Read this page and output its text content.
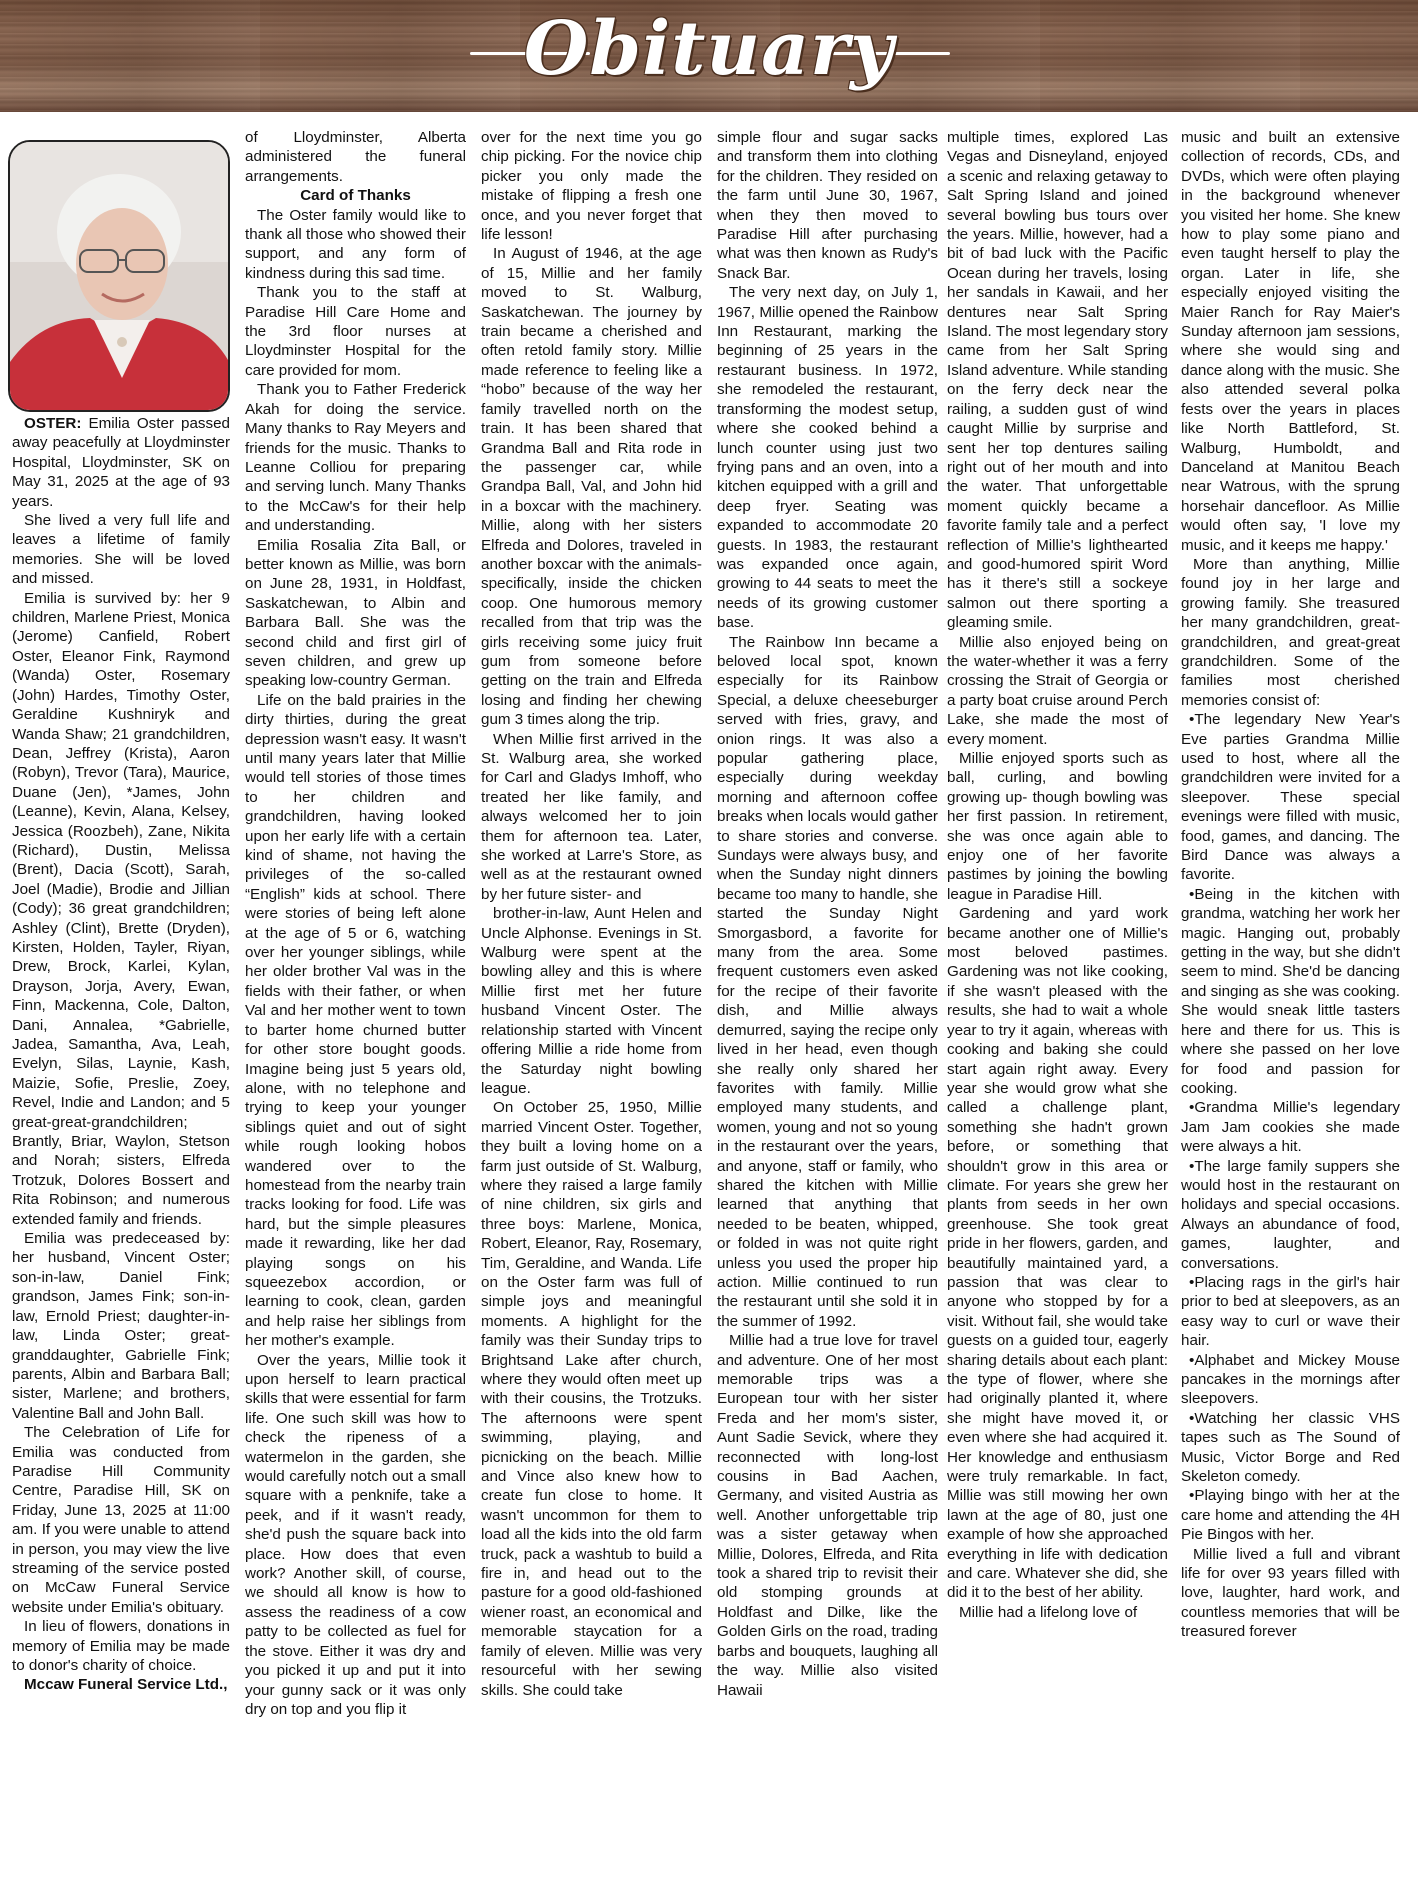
Obituary

OSTER: Emilia Oster passed away peacefully at Lloydminster Hospital, Lloydminster, SK on May 31, 2025 at the age of 93 years.

She lived a very full life and leaves a lifetime of family memories. She will be loved and missed.

Emilia is survived by: her 9 children, Marlene Priest, Monica (Jerome) Canfield, Robert Oster, Eleanor Fink, Raymond (Wanda) Oster, Rosemary (John) Hardes, Timothy Oster, Geraldine Kushniryk and Wanda Shaw; 21 grandchildren, Dean, Jeffrey (Krista), Aaron (Robyn), Trevor (Tara), Maurice, Duane (Jen), *James, John (Leanne), Kevin, Alana, Kelsey, Jessica (Roozbeh), Zane, Nikita (Richard), Dustin, Melissa (Brent), Dacia (Scott), Sarah, Joel (Madie), Brodie and Jillian (Cody); 36 great grandchildren; Ashley (Clint), Brette (Dryden), Kirsten, Holden, Tayler, Riyan, Drew, Brock, Karlei, Kylan, Drayson, Jorja, Avery, Ewan, Finn, Mackenna, Cole, Dalton, Dani, Annalea, *Gabrielle, Jadea, Samantha, Ava, Leah, Evelyn, Silas, Laynie, Kash, Maizie, Sofie, Preslie, Zoey, Revel, Indie and Landon; and 5 great-great-grandchildren; Brantly, Briar, Waylon, Stetson and Norah; sisters, Elfreda Trotzuk, Dolores Bossert and Rita Robinson; and numerous extended family and friends.

Emilia was predeceased by: her husband, Vincent Oster; son-in-law, Daniel Fink; grandson, James Fink; son-in-law, Ernold Priest; daughter-in-law, Linda Oster; great-granddaughter, Gabrielle Fink; parents, Albin and Barbara Ball; sister, Marlene; and brothers, Valentine Ball and John Ball.

The Celebration of Life for Emilia was conducted from Paradise Hill Community Centre, Paradise Hill, SK on Friday, June 13, 2025 at 11:00 am. If you were unable to attend in person, you may view the live streaming of the service posted on McCaw Funeral Service website under Emilia's obituary.

In lieu of flowers, donations in memory of Emilia may be made to donor's charity of choice.

Mccaw Funeral Service Ltd.,

of Lloydminster, Alberta administered the funeral arrangements.

Card of Thanks

The Oster family would like to thank all those who showed their support, and any form of kindness during this sad time.

Thank you to the staff at Paradise Hill Care Home and the 3rd floor nurses at Lloydminster Hospital for the care provided for mom.

Thank you to Father Frederick Akah for doing the service. Many thanks to Ray Meyers and friends for the music. Thanks to Leanne Colliou for preparing and serving lunch. Many Thanks to the McCaw's for their help and understanding.

Emilia Rosalia Zita Ball, or better known as Millie, was born on June 28, 1931, in Holdfast, Saskatchewan, to Albin and Barbara Ball. She was the second child and first girl of seven children, and grew up speaking low-country German.

Life on the bald prairies in the dirty thirties, during the great depression wasn't easy. It wasn't until many years later that Millie would tell stories of those times to her children and grandchildren, having looked upon her early life with a certain kind of shame, not having the privileges of the so-called “English” kids at school. There were stories of being left alone at the age of 5 or 6, watching over her younger siblings, while her older brother Val was in the fields with their father, or when Val and her mother went to town to barter home churned butter for other store bought goods. Imagine being just 5 years old, alone, with no telephone and trying to keep your younger siblings quiet and out of sight while rough looking hobos wandered over to the homestead from the nearby train tracks looking for food. Life was hard, but the simple pleasures made it rewarding, like her dad playing songs on his squeezebox accordion, or learning to cook, clean, garden and help raise her siblings from her mother's example.

Over the years, Millie took it upon herself to learn practical skills that were essential for farm life. One such skill was how to check the ripeness of a watermelon in the garden, she would carefully notch out a small square with a penknife, take a peek, and if it wasn't ready, she'd push the square back into place. How does that even work? Another skill, of course, we should all know is how to assess the readiness of a cow patty to be collected as fuel for the stove. Either it was dry and you picked it up and put it into your gunny sack or it was only dry on top and you flip it

over for the next time you go chip picking. For the novice chip picker you only made the mistake of flipping a fresh one once, and you never forget that life lesson!

In August of 1946, at the age of 15, Millie and her family moved to St. Walburg, Saskatchewan. The journey by train became a cherished and often retold family story. Millie made reference to feeling like a “hobo” because of the way her family travelled north on the train. It has been shared that Grandma Ball and Rita rode in the passenger car, while Grandpa Ball, Val, and John hid in a boxcar with the machinery. Millie, along with her sisters Elfreda and Dolores, traveled in another boxcar with the animals-specifically, inside the chicken coop. One humorous memory recalled from that trip was the girls receiving some juicy fruit gum from someone before getting on the train and Elfreda losing and finding her chewing gum 3 times along the trip.

When Millie first arrived in the St. Walburg area, she worked for Carl and Gladys Imhoff, who treated her like family, and always welcomed her to join them for afternoon tea. Later, she worked at Larre's Store, as well as at the restaurant owned by her future sister- and

brother-in-law, Aunt Helen and Uncle Alphonse. Evenings in St. Walburg were spent at the bowling alley and this is where Millie first met her future husband Vincent Oster. The relationship started with Vincent offering Millie a ride home from the Saturday night bowling league.

On October 25, 1950, Millie married Vincent Oster. Together, they built a loving home on a farm just outside of St. Walburg, where they raised a large family of nine children, six girls and three boys: Marlene, Monica, Robert, Eleanor, Ray, Rosemary, Tim, Geraldine, and Wanda. Life on the Oster farm was full of simple joys and meaningful moments. A highlight for the family was their Sunday trips to Brightsand Lake after church, where they would often meet up with their cousins, the Trotzuks. The afternoons were spent swimming, playing, and picnicking on the beach. Millie and Vince also knew how to create fun close to home. It wasn't uncommon for them to load all the kids into the old farm truck, pack a washtub to build a fire in, and head out to the pasture for a good old-fashioned wiener roast, an economical and memorable staycation for a family of eleven. Millie was very resourceful with her sewing skills. She could take

simple flour and sugar sacks and transform them into clothing for the children. They resided on the farm until June 30, 1967, when they then moved to Paradise Hill after purchasing what was then known as Rudy's Snack Bar.

The very next day, on July 1, 1967, Millie opened the Rainbow Inn Restaurant, marking the beginning of 25 years in the restaurant business. In 1972, she remodeled the restaurant, transforming the modest setup, where she cooked behind a lunch counter using just two frying pans and an oven, into a kitchen equipped with a grill and deep fryer. Seating was expanded to accommodate 20 guests. In 1983, the restaurant was expanded once again, growing to 44 seats to meet the needs of its growing customer base.

The Rainbow Inn became a beloved local spot, known especially for its Rainbow Special, a deluxe cheeseburger served with fries, gravy, and onion rings. It was also a popular gathering place, especially during weekday morning and afternoon coffee breaks when locals would gather to share stories and converse. Sundays were always busy, and when the Sunday night dinners became too many to handle, she started the Sunday Night Smorgasbord, a favorite for many from the area. Some frequent customers even asked for the recipe of their favorite dish, and Millie always demurred, saying the recipe only lived in her head, even though she really only shared her favorites with family. Millie employed many students, and women, young and not so young in the restaurant over the years, and anyone, staff or family, who shared the kitchen with Millie learned that anything that needed to be beaten, whipped, or folded in was not quite right unless you used the proper hip action. Millie continued to run the restaurant until she sold it in the summer of 1992.

Millie had a true love for travel and adventure. One of her most memorable trips was a European tour with her sister Freda and her mom's sister, Aunt Sadie Sevick, where they reconnected with long-lost cousins in Bad Aachen, Germany, and visited Austria as well. Another unforgettable trip was a sister getaway when Millie, Dolores, Elfreda, and Rita took a shared trip to revisit their old stomping grounds at Holdfast and Dilke, like the Golden Girls on the road, trading barbs and bouquets, laughing all the way. Millie also visited Hawaii

multiple times, explored Las Vegas and Disneyland, enjoyed a scenic and relaxing getaway to Salt Spring Island and joined several bowling bus tours over the years. Millie, however, had a bit of bad luck with the Pacific Ocean during her travels, losing her sandals in Kawaii, and her dentures near Salt Spring Island. The most legendary story came from her Salt Spring Island adventure. While standing on the ferry deck near the railing, a sudden gust of wind caught Millie by surprise and sent her top dentures sailing right out of her mouth and into the water. That unforgettable moment quickly became a favorite family tale and a perfect reflection of Millie's lighthearted and good-humored spirit Word has it there's still a sockeye salmon out there sporting a gleaming smile.

Millie also enjoyed being on the water-whether it was a ferry crossing the Strait of Georgia or a party boat cruise around Perch Lake, she made the most of every moment.

Millie enjoyed sports such as ball, curling, and bowling growing up- though bowling was her first passion. In retirement, she was once again able to enjoy one of her favorite pastimes by joining the bowling league in Paradise Hill.

Gardening and yard work became another one of Millie's most beloved pastimes. Gardening was not like cooking, if she wasn't pleased with the results, she had to wait a whole year to try it again, whereas with cooking and baking she could start again right away. Every year she would grow what she called a challenge plant, something she hadn't grown before, or something that shouldn't grow in this area or climate. For years she grew her plants from seeds in her own greenhouse. She took great pride in her flowers, garden, and beautifully maintained yard, a passion that was clear to anyone who stopped by for a visit. Without fail, she would take guests on a guided tour, eagerly sharing details about each plant: the type of flower, where she had originally planted it, where she might have moved it, or even where she had acquired it. Her knowledge and enthusiasm were truly remarkable. In fact, Millie was still mowing her own lawn at the age of 80, just one example of how she approached everything in life with dedication and care. Whatever she did, she did it to the best of her ability.

Millie had a lifelong love of

music and built an extensive collection of records, CDs, and DVDs, which were often playing in the background whenever you visited her home. She knew how to play some piano and even taught herself to play the organ. Later in life, she especially enjoyed visiting the Maier Ranch for Ray Maier's Sunday afternoon jam sessions, where she would sing and dance along with the music. She also attended several polka fests over the years in places like North Battleford, St. Walburg, Humboldt, and Danceland at Manitou Beach near Watrous, with the sprung horsehair dancefloor. As Millie would often say, 'I love my music, and it keeps me happy.'

More than anything, Millie found joy in her large and growing family. She treasured her many grandchildren, great-grandchildren, and great-great grandchildren. Some of the families most cherished memories consist of:

•The legendary New Year's Eve parties Grandma Millie used to host, where all the grandchildren were invited for a sleepover. These special evenings were filled with music, food, games, and dancing. The Bird Dance was always a favorite.

•Being in the kitchen with grandma, watching her work her magic. Hanging out, probably getting in the way, but she didn't seem to mind. She'd be dancing and singing as she was cooking. She would sneak little tasters here and there for us. This is where she passed on her love for food and passion for cooking.

•Grandma Millie's legendary Jam Jam cookies she made were always a hit.

•The large family suppers she would host in the restaurant on holidays and special occasions. Always an abundance of food, games, laughter, and conversations.

•Placing rags in the girl's hair prior to bed at sleepovers, as an easy way to curl or wave their hair.

•Alphabet and Mickey Mouse pancakes in the mornings after sleepovers.

•Watching her classic VHS tapes such as The Sound of Music, Victor Borge and Red Skeleton comedy.

•Playing bingo with her at the care home and attending the 4H Pie Bingos with her.

Millie lived a full and vibrant life for over 93 years filled with love, laughter, hard work, and countless memories that will be treasured forever
